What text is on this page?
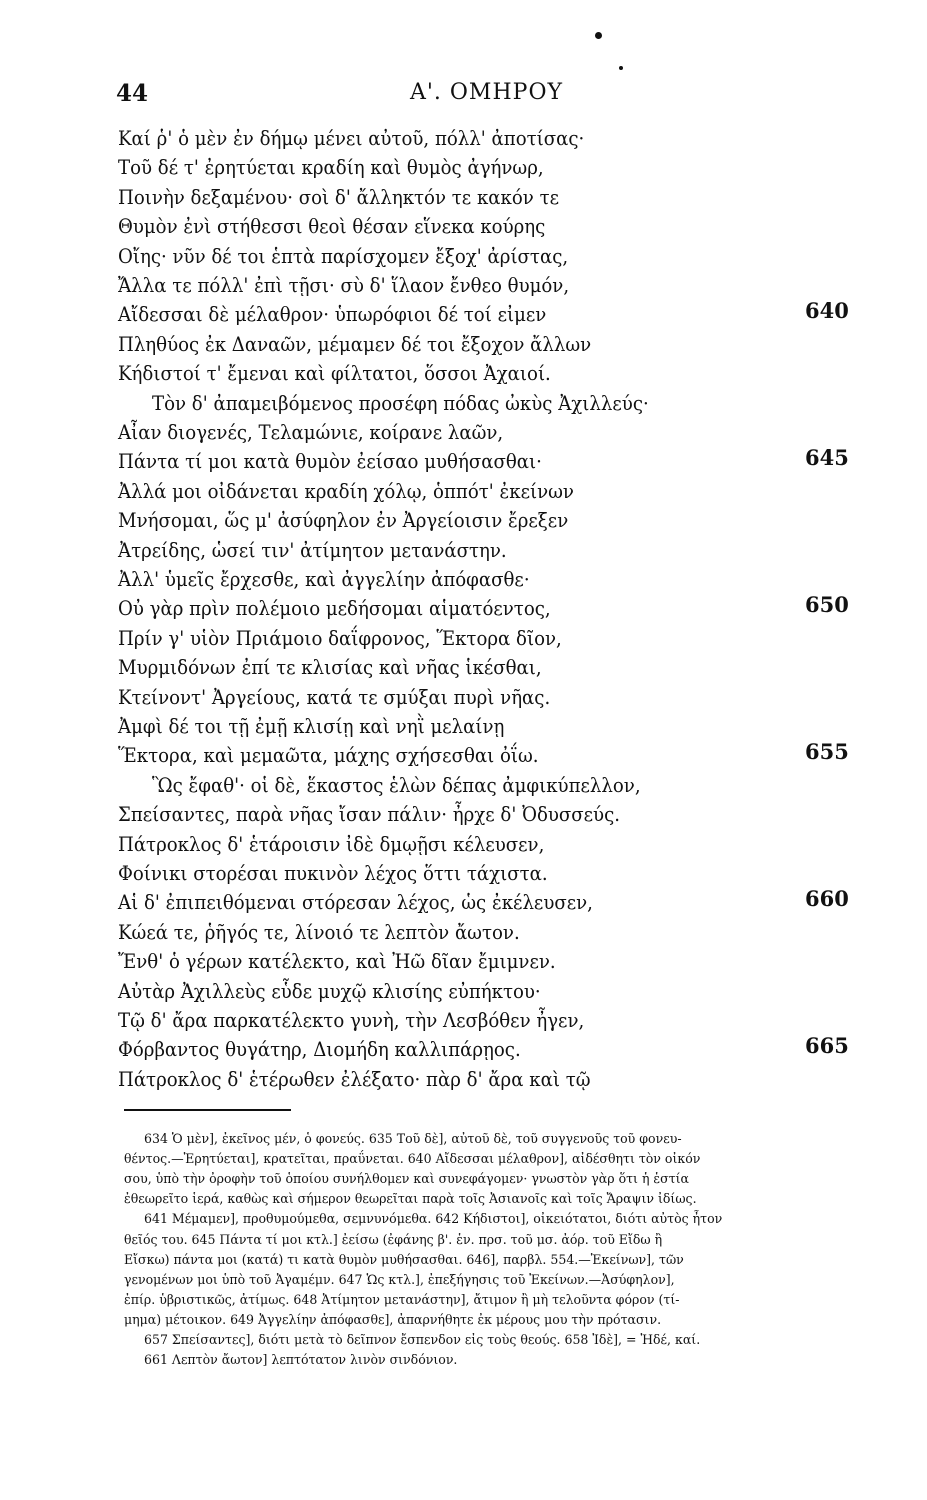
44	Α'. ΟΜΗΡΟΥ
Καί ῥ' ὁ μὲν ἐν δήμῳ μένει αὐτοῦ, πόλλ' ἀποτίσας·
Τοῦ δέ τ' ἐρητύεται κραδίη καὶ θυμὸς ἀγήνωρ,
Ποινὴν δεξαμένου· σοὶ δ' ἄλληκτόν τε κακόν τε
Θυμὸν ἐνὶ στήθεσσι θεοὶ θέσαν εἵνεκα κούρης
Οἴης· νῦν δέ τοι ἑπτὰ παρίσχομεν ἔξοχ' ἀρίστας,
Ἄλλα τε πόλλ' ἐπὶ τῇσι· σὺ δ' ἵλαον ἔνθεο θυμόν,
Αἴδεσσαι δὲ μέλαθρον· ὑπωρόφιοι δέ τοί εἰμεν	640
Πληθύος ἐκ Δαναῶν, μέμαμεν δέ τοι ἔξοχον ἄλλων
Κήδιστοί τ' ἔμεναι καὶ φίλτατοι, ὅσσοι Ἀχαιοί.
Τὸν δ' ἀπαμειβόμενος προσέφη πόδας ὠκὺς Ἀχιλλεύς·
Αἶαν διογενές, Τελαμώνιε, κοίρανε λαῶν,
Πάντα τί μοι κατὰ θυμὸν ἐείσαο μυθήσασθαι·	645
Ἀλλά μοι οἰδάνεται κραδίη χόλῳ, ὁππότ' ἐκείνων
Μνήσομαι, ὥς μ' ἀσύφηλον ἐν Ἀργείοισιν ἔρεξεν
Ἀτρείδης, ὡσεί τιν' ἀτίμητον μετανάστην.
Ἀλλ' ὑμεῖς ἔρχεσθε, καὶ ἀγγελίην ἀπόφασθε·
Οὐ γὰρ πρὶν πολέμοιο μεδήσομαι αἱματόεντος,	650
Πρίν γ' υἱὸν Πριάμοιο δαΐφρονος, Ἕκτορα δῖον,
Μυρμιδόνων ἐπί τε κλισίας καὶ νῆας ἱκέσθαι,
Κτείνοντ' Ἀργείους, κατά τε σμύξαι πυρὶ νῆας.
Ἀμφὶ δέ τοι τῇ ἐμῇ κλισίῃ καὶ νηῒ μελαίνῃ
Ἕκτορα, καὶ μεμαῶτα, μάχης σχήσεσθαι ὀΐω.	655
Ὣς ἔφαθ'· οἱ δὲ, ἕκαστος ἑλὼν δέπας ἀμφικύπελλον,
Σπείσαντες, παρὰ νῆας ἴσαν πάλιν· ἦρχε δ' Ὀδυσσεύς.
Πάτροκλος δ' ἑτάροισιν ἰδὲ δμῳῇσι κέλευσεν,
Φοίνικι στορέσαι πυκινὸν λέχος ὅττι τάχιστα.
Αἱ δ' ἐπιπειθόμεναι στόρεσαν λέχος, ὡς ἐκέλευσεν,	660
Κώεά τε, ῥῆγός τε, λίνοιό τε λεπτὸν ἄωτον.
Ἔνθ' ὁ γέρων κατέλεκτο, καὶ Ἠῶ δῖαν ἔμιμνεν.
Αὐτὰρ Ἀχιλλεὺς εὗδε μυχῷ κλισίης εὐπήκτου·
Τῷ δ' ἄρα παρκατέλεκτο γυνὴ, τὴν Λεσβόθεν ἦγεν,
Φόρβαντος θυγάτηρ, Διομήδη καλλιπάρῃος.	665
Πάτροκλος δ' ἑτέρωθεν ἐλέξατο· πὰρ δ' ἄρα καὶ τῷ
634 Ὁ μὲν], ἐκεῖνος μέν, ὁ φονεύς. 635 Τοῦ δὲ], αὐτοῦ δὲ, τοῦ συγγενοῦς τοῦ φονευ-
θέντος.—Ἐρητύεται], κρατεῖται, πραΰνεται. 640 Αἴδεσσαι μέλαθρον], αἰδέσθητι τὸν οἰκόν
σου, ὑπὸ τὴν ὀροφὴν τοῦ ὁποίου συνήλθομεν καὶ συνεφάγομεν· γνωστὸν γὰρ ὅτι ἡ ἑστία
ἐθεωρεῖτο ἱερά, καθὼς καὶ σήμερον θεωρεῖται παρὰ τοῖς Ἀσιανοῖς καὶ τοῖς Ἄραψιν ἰδίως.
641 Μέμαμεν], προθυμούμεθα, σεμνυνόμεθα. 642 Κήδιστοι], οἰκειότατοι, διότι αὐτὸς ἦτον
θεῖός του. 645 Πάντα τί μοι κτλ.] ἐείσω (ἐφάνης β'. ἑν. πρσ. τοῦ μσ. ἀόρ. τοῦ Εἴδω ἢ
Εἴσκω) πάντα μοι (κατά) τι κατὰ θυμὸν μυθήσασθαι. 646], παρβλ. 554.—Ἐκείνων], τῶν
γενομένων μοι ὑπὸ τοῦ Ἀγαμέμν. 647 Ὡς κτλ.], ἐπεξήγησις τοῦ Ἐκείνων.—Ἀσύφηλον],
ἐπίρ. ὑβριστικῶς, ἀτίμως. 648 Ἀτίμητον μετανάστην], ἄτιμον ἢ μὴ τελοῦντα φόρον (τί-
μημα) μέτοικον. 649 Ἀγγελίην ἀπόφασθε], ἀπαρνήθητε ἐκ μέρους μου τὴν πρότασιν.
657 Σπείσαντες], διότι μετὰ τὸ δεῖπνον ἔσπενδον εἰς τοὺς θεούς. 658 Ἰδὲ], = Ἠδέ, καί.
661 Λεπτὸν ἄωτον] λεπτότατον λινὸν σινδόνιον.
